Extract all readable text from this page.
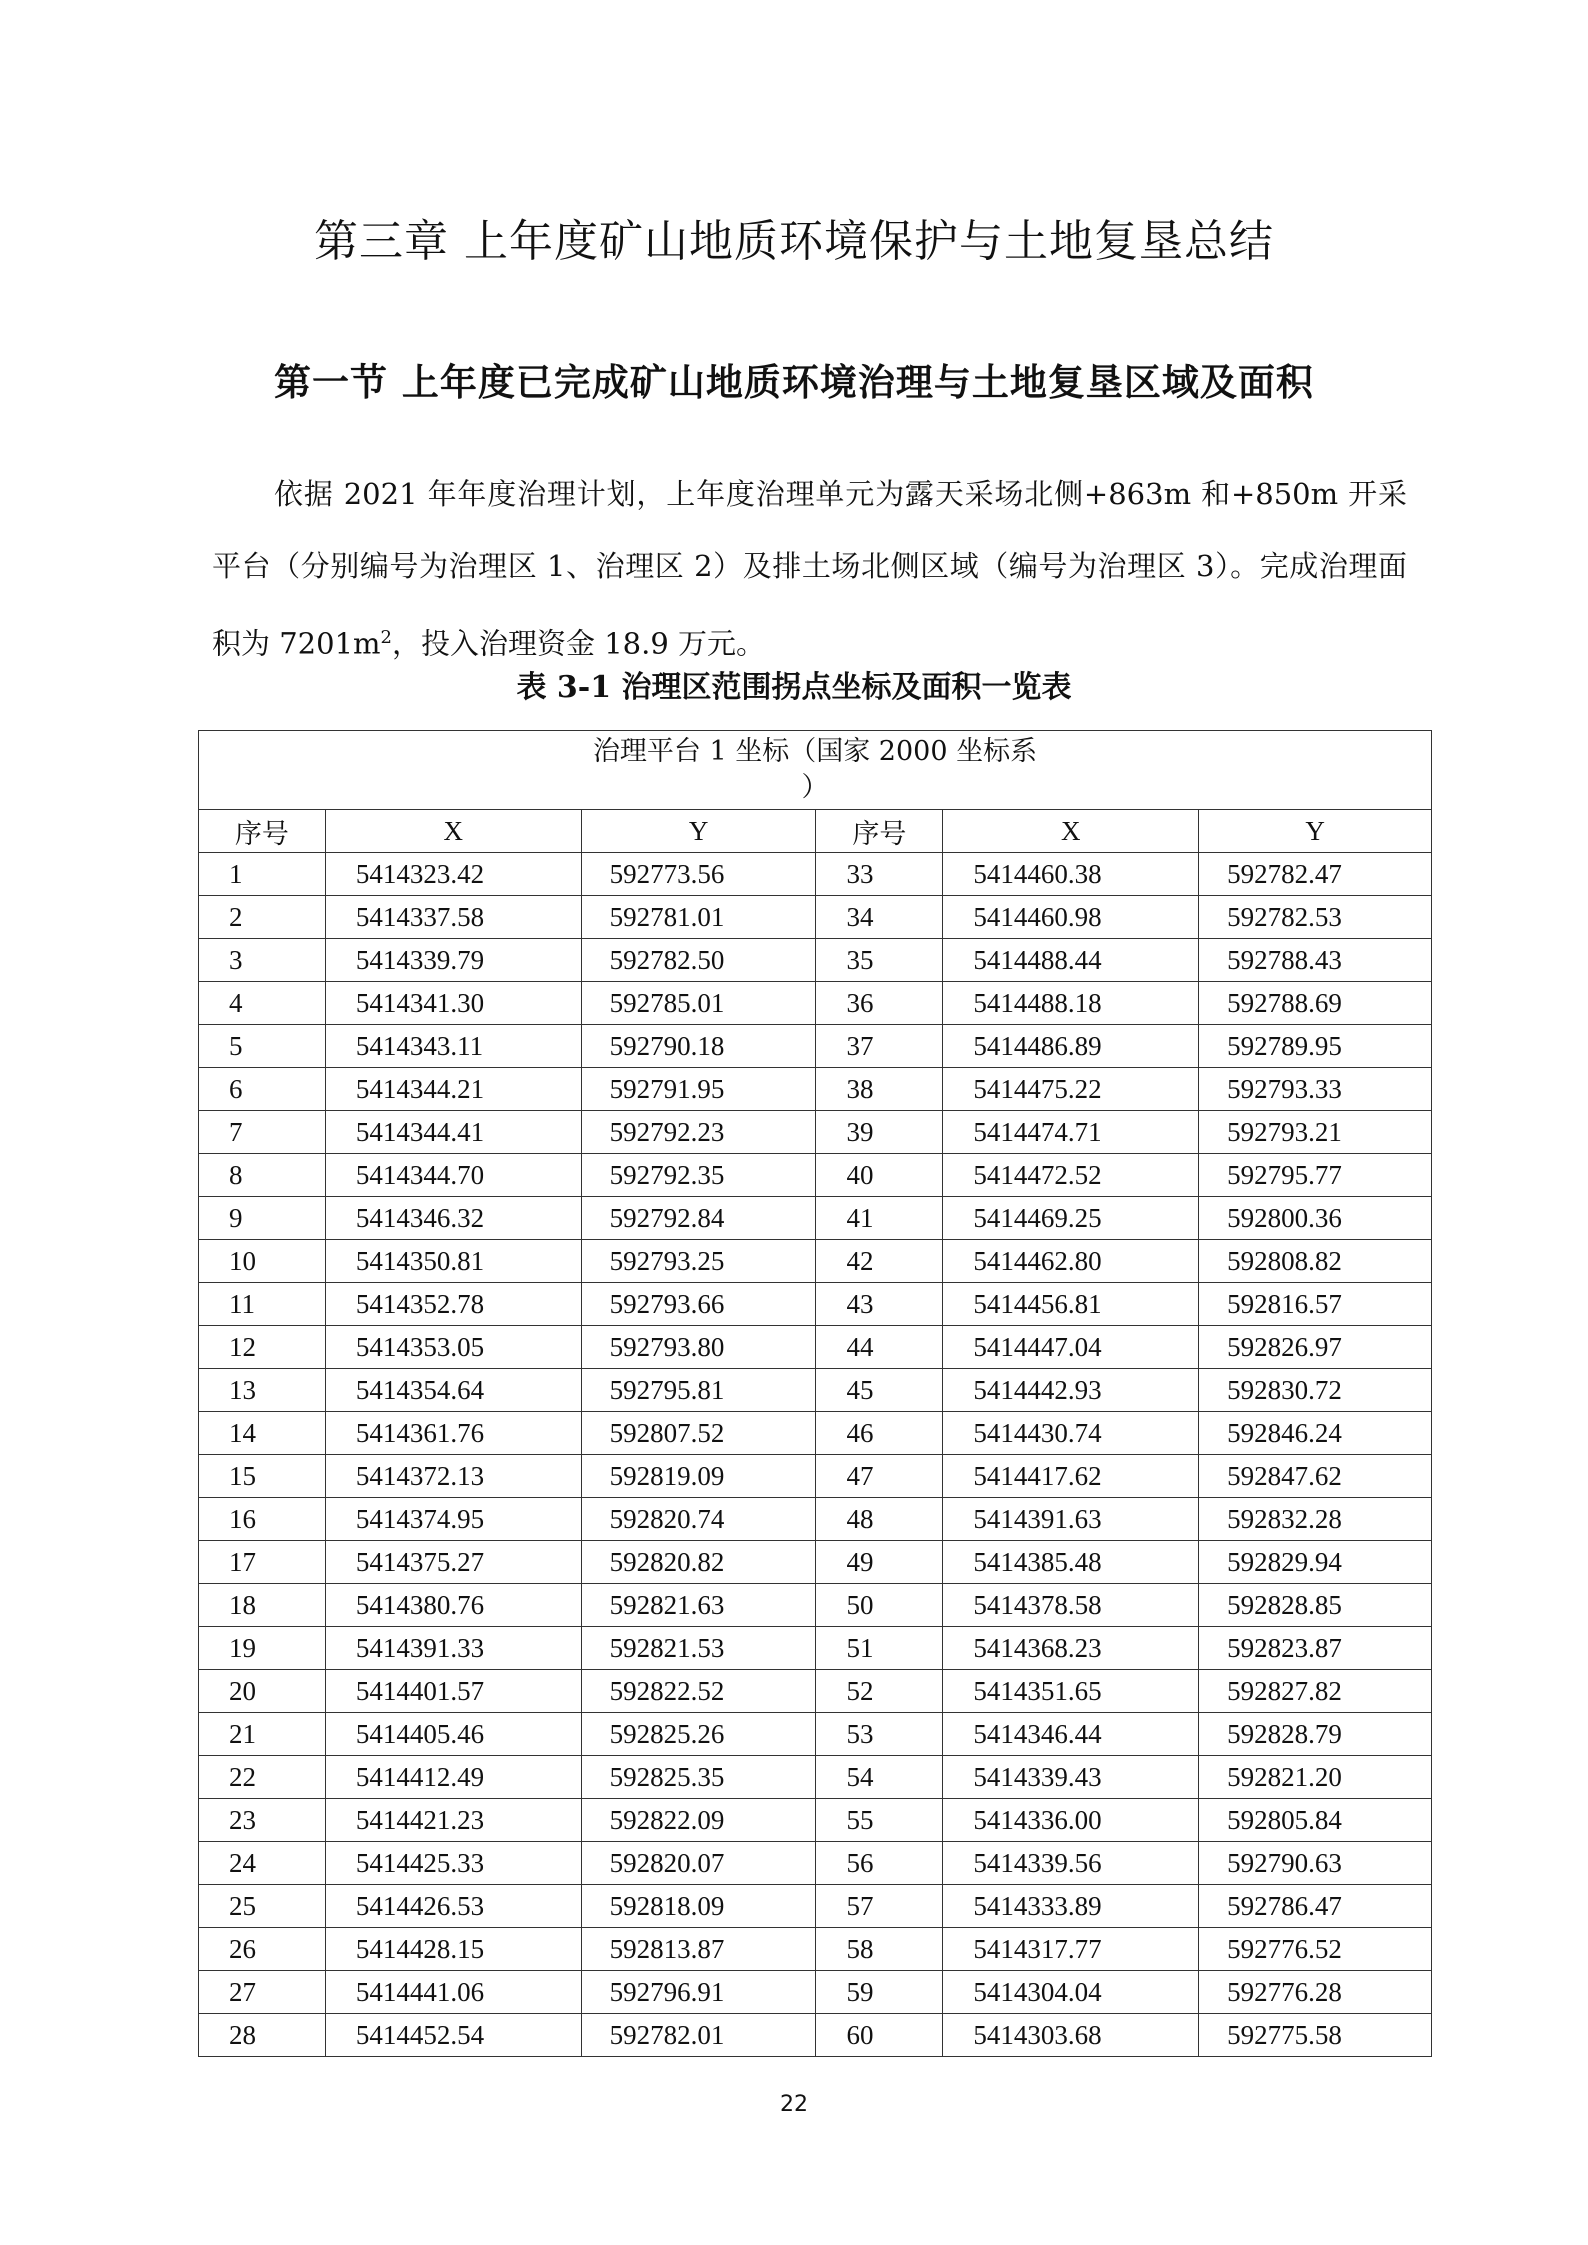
第三章 上年度矿山地质环境保护与土地复垦总结
第一节 上年度已完成矿山地质环境治理与土地复垦区域及面积

依据 2021 年年度治理计划，上年度治理单元为露天采场北侧+863m 和+850m 开采平台（分别编号为治理区 1、治理区 2）及排土场北侧区域（编号为治理区 3）。完成治理面积为 $7201m^2$，投入治理资金 18.9 万元。

表 3-1 治理区范围拐点坐标及面积一览表
治理平台 1 坐标（国家 2000 坐标系
）					

序号	X	Y	序号	X	Y
1	5414323.42	592773.56	33	5414460.38	592782.47
2	5414337.58	592781.01	34	5414460.98	592782.53
3	5414339.79	592782.50	35	5414488.44	592788.43
4	5414341.30	592785.01	36	5414488.18	592788.69
5	5414343.11	592790.18	37	5414486.89	592789.95
6	5414344.21	592791.95	38	5414475.22	592793.33
7	5414344.41	592792.23	39	5414474.71	592793.21
8	5414344.70	592792.35	40	5414472.52	592795.77
9	5414346.32	592792.84	41	5414469.25	592800.36
10	5414350.81	592793.25	42	5414462.80	592808.82
11	5414352.78	592793.66	43	5414456.81	592816.57
12	5414353.05	592793.80	44	5414447.04	592826.97
13	5414354.64	592795.81	45	5414442.93	592830.72
14	5414361.76	592807.52	46	5414430.74	592846.24
15	5414372.13	592819.09	47	5414417.62	592847.62
16	5414374.95	592820.74	48	5414391.63	592832.28
17	5414375.27	592820.82	49	5414385.48	592829.94
18	5414380.76	592821.63	50	5414378.58	592828.85
19	5414391.33	592821.53	51	5414368.23	592823.87
20	5414401.57	592822.52	52	5414351.65	592827.82
21	5414405.46	592825.26	53	5414346.44	592828.79
22	5414412.49	592825.35	54	5414339.43	592821.20
23	5414421.23	592822.09	55	5414336.00	592805.84
24	5414425.33	592820.07	56	5414339.56	592790.63
25	5414426.53	592818.09	57	5414333.89	592786.47
26	5414428.15	592813.87	58	5414317.77	592776.52
27	5414441.06	592796.91	59	5414304.04	592776.28
28	5414452.54	592782.01	60	5414303.68	592775.58
22
